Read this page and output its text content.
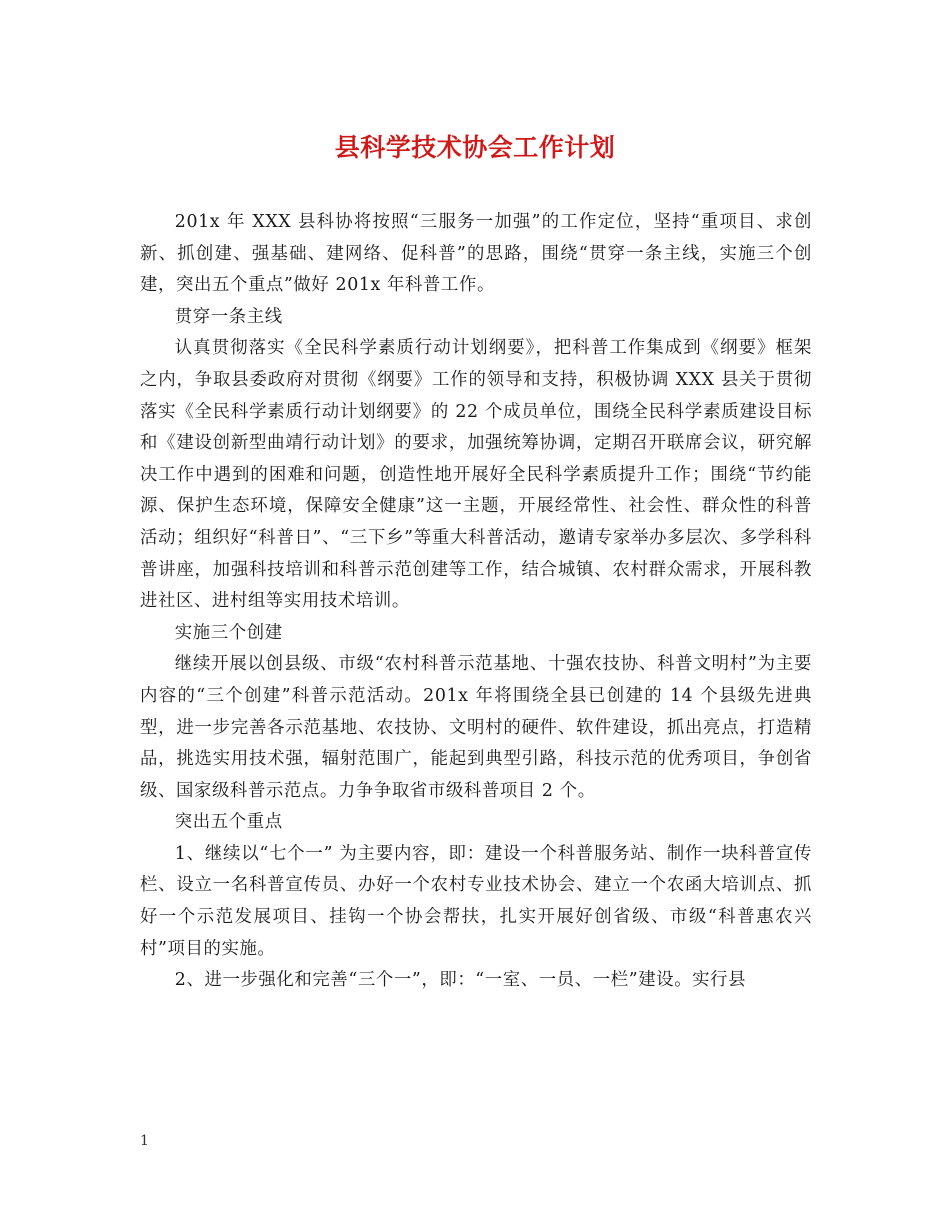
县科学技术协会工作计划

201x 年 XXX 县科协将按照“三服务一加强”的工作定位，坚持“重项目、求创新、抓创建、强基础、建网络、促科普”的思路，围绕“贯穿一条主线，实施三个创建，突出五个重点”做好 201x 年科普工作。

贯穿一条主线

认真贯彻落实《全民科学素质行动计划纲要》，把科普工作集成到《纲要》框架之内，争取县委政府对贯彻《纲要》工作的领导和支持，积极协调 XXX 县关于贯彻落实《全民科学素质行动计划纲要》的 22 个成员单位，围绕全民科学素质建设目标和《建设创新型曲靖行动计划》的要求，加强统筹协调，定期召开联席会议，研究解决工作中遇到的困难和问题，创造性地开展好全民科学素质提升工作；围绕“节约能源、保护生态环境，保障安全健康”这一主题，开展经常性、社会性、群众性的科普活动；组织好“科普日”、“三下乡”等重大科普活动，邀请专家举办多层次、多学科科普讲座，加强科技培训和科普示范创建等工作，结合城镇、农村群众需求，开展科教进社区、进村组等实用技术培训。

实施三个创建

继续开展以创县级、市级“农村科普示范基地、十强农技协、科普文明村”为主要内容的“三个创建”科普示范活动。201x 年将围绕全县已创建的 14 个县级先进典型，进一步完善各示范基地、农技协、文明村的硬件、软件建设，抓出亮点，打造精品，挑选实用技术强，辐射范围广，能起到典型引路，科技示范的优秀项目，争创省级、国家级科普示范点。力争争取省市级科普项目 2 个。

突出五个重点

1、继续以“七个一” 为主要内容，即：建设一个科普服务站、制作一块科普宣传栏、设立一名科普宣传员、办好一个农村专业技术协会、建立一个农函大培训点、抓好一个示范发展项目、挂钩一个协会帮扶，扎实开展好创省级、市级“科普惠农兴村”项目的实施。

2、进一步强化和完善“三个一”，即：“一室、一员、一栏”建设。实行县

1
